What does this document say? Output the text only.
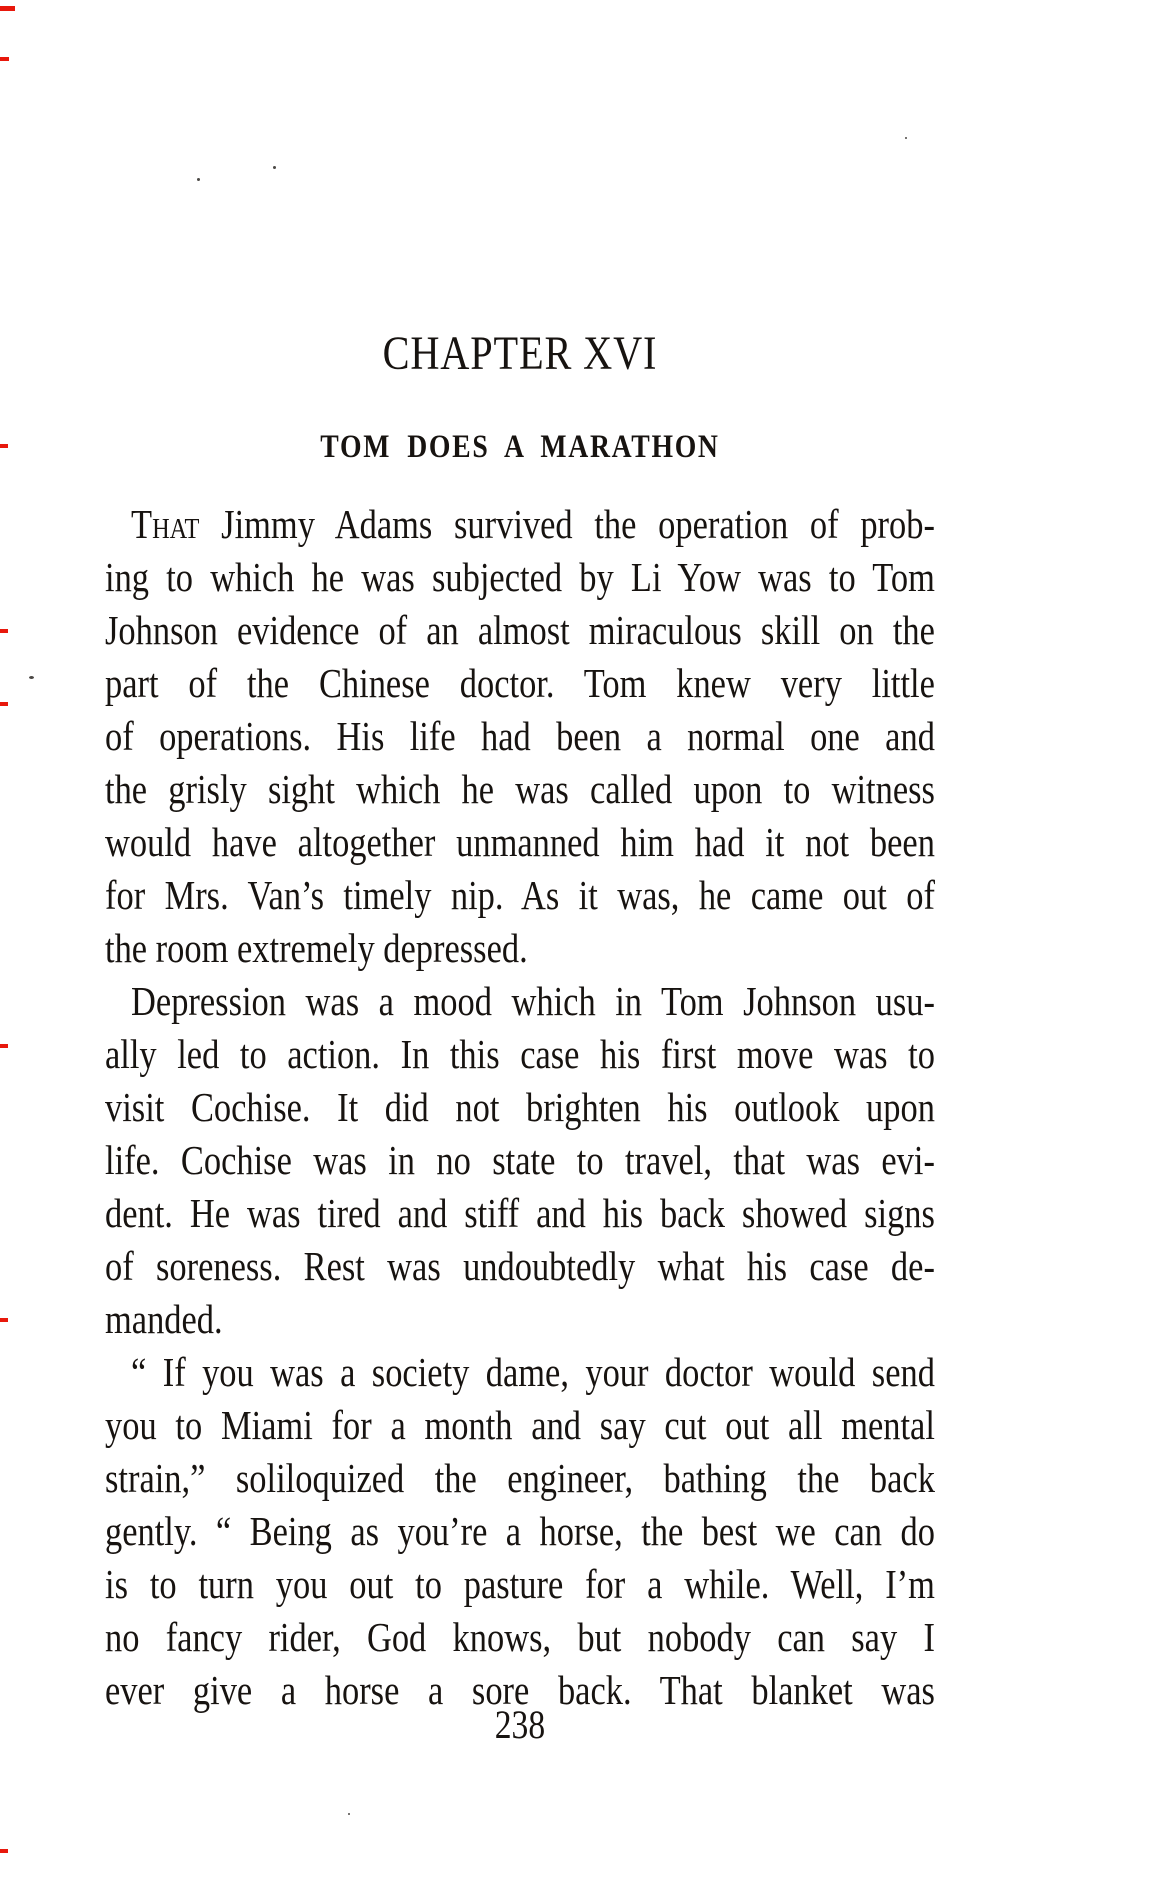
CHAPTER XVI
TOM DOES A MARATHON
That Jimmy Adams survived the operation of prob-
ing to which he was subjected by Li Yow was to Tom
Johnson evidence of an almost miraculous skill on the
part of the Chinese doctor. Tom knew very little
of operations. His life had been a normal one and
the grisly sight which he was called upon to witness
would have altogether unmanned him had it not been
for Mrs. Van’s timely nip. As it was, he came out of
the room extremely depressed.
Depression was a mood which in Tom Johnson usu-
ally led to action. In this case his first move was to
visit Cochise. It did not brighten his outlook upon
life. Cochise was in no state to travel, that was evi-
dent. He was tired and stiff and his back showed signs
of soreness. Rest was undoubtedly what his case de-
manded.
“ If you was a society dame, your doctor would send
you to Miami for a month and say cut out all mental
strain,” soliloquized the engineer, bathing the back
gently. “ Being as you’re a horse, the best we can do
is to turn you out to pasture for a while. Well, I’m
no fancy rider, God knows, but nobody can say I
ever give a horse a sore back. That blanket was
238
